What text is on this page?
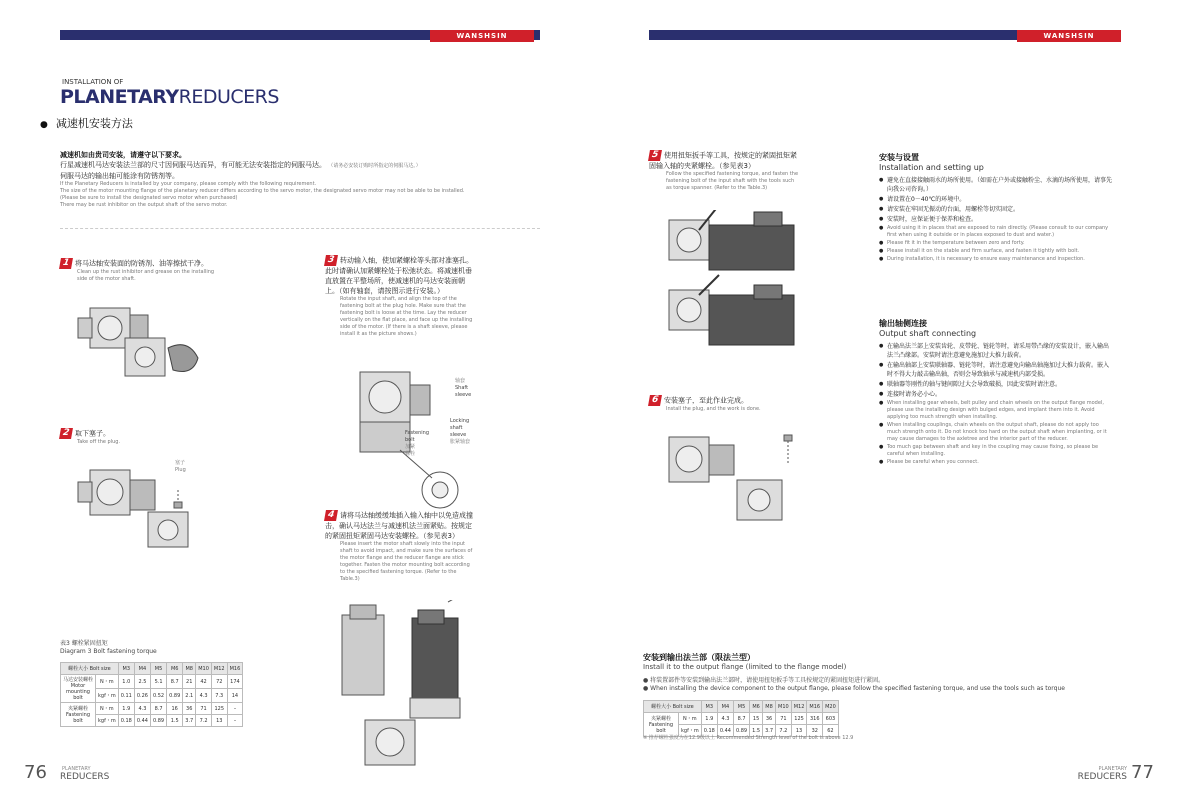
WANSHSIN
INSTALLATION OF
PLANETARYREDUCERS
● 减速机安装方法
减速机如由贵司安装，请遵守以下要求。
行星减速机马达安装法兰部的尺寸因伺服马达而异，有可能无法安装指定的伺服马达。 （请务必安装订购时所指定的伺服马达。）
伺服马达的输出轴可能涂有防锈剂等。
If the Planetary Reducers is installed by your company, please comply with the following requirement.
The size of the motor mounting flange of the planetary reducer differs according to the servo motor, the designated servo motor may not be able to be installed.
(Please be sure to install the designated servo motor when purchased)
There may be rust inhibitor on the output shaft of the servo motor.
1 将马达轴安装面的防锈剂、油等擦拭干净。
Clean up the rust inhibitor and grease on the installing side of the motor shaft.
2 取下塞子。
Take off the plug.
塞子
Plug
3 转动输入轴，使加紧螺栓等头部对准塞孔。此时请确认加紧螺栓处于松弛状态。将减速机垂直放置在平整场所，使减速机的马达安装面朝上。（如有轴套，请按图示进行安装。）
Rotate the input shaft, and align the top of the fastening bolt at the plug hole. Make sure that the fastening bolt is loose at the time. Lay the reducer vertically on the flat place, and face up the installing side of the motor. (If there is a shaft sleeve, please install it as the picture shows.)
轴套
Shaft
sleeve
Locking
shaft
sleeve
胀紧轴套
Fastening
bolt
加紧
螺栓
4 请将马达轴缓缓地插入输入轴中以免造成撞击，确认马达法兰与减速机法兰面紧贴。按规定的紧固扭矩紧固马达安装螺栓。（参见表3）
Please insert the motor shaft slowly into the input shaft to avoid impact, and make sure the surfaces of the motor flange and the reducer flange are stick together. Fasten the motor mounting bolt according to the specified fastening torque. (Refer to the Table.3)
表3 螺栓紧固扭矩
Diagram 3 Bolt fastening torque
螺栓大小 Bolt size		M3	M4	M5	M6	M8	M10	M12	M16
马达安装螺栓 Motor mounting bolt	N・m	1.0	2.5	5.1	8.7	21	42	72	174
	kgf・m	0.11	0.26	0.52	0.89	2.1	4.3	7.3	14
夹紧螺栓 Fastening bolt	N・m	1.9	4.3	8.7	16	36	71	125	–
	kgf・m	0.18	0.44	0.89	1.5	3.7	7.2	13	–
76	PLANETARY
REDUCERS
WANSHSIN
5 使用扭矩扳手等工具，按规定的紧固扭矩紧固输入轴的夹紧螺栓。（参见表3）
Follow the specified fastening torque, and fasten the fastening bolt of the input shaft with the tools such as torque spanner. (Refer to the Table.3)
6 安装塞子，至此作业完成。
Install the plug, and the work is done.
安装与设置
Installation and setting up
● 避免在直接接触雨水的场所使用。（如需在户外或接触粉尘、水滴的场所使用，请事先向我公司咨询。）
● 请设置在0－40℃的环境中。
● 请安装在牢固无振动的台面，用螺栓等切实固定。
● 安装时，应保证便于保养和检查。
● Avoid using it in places that are exposed to rain directly. (Please consult to our company first when using it outside or in places exposed to dust and water.)
● Please fit it in the temperature between zero and forty.
● Please install it on the stable and firm surface, and fasten it tightly with bolt.
● During installation, it is necessary to ensure easy maintenance and inspection.
输出轴侧连接
Output shaft connecting
● 在输出法兰部上安装齿轮、皮带轮、链轮等时，请采用带凸缘的安装设计，嵌入输出法兰凸缘部。安装时请注意避免施加过大推力载荷。
● 在输出轴部上安装联轴器、链轮等时，请注意避免向输出轴施加过大推力载荷。嵌入时不得大力敲击输出轴，否则会导致轴承与减速机内部受损。
● 联轴器等刚性的轴与键间隙过大会导致破损，因此安装时请注意。
● 连接时请务必小心。
● When installing gear wheels, belt pulley and chain wheels on the output flange model, please use the installing design with bulged edges, and implant them into it. Avoid applying too much strength when installing.
● When installing couplings, chain wheels on the output shaft, please do not apply too much strength onto it. Do not knock too hard on the output shaft when implanting, or it may cause damages to the axletree and the interior part of the reducer.
● Too much gap between shaft and key in the coupling may cause fixing, so please be careful when installing.
● Please be careful when you connect.
安装到输出法兰部（限法兰型）
Install it to the output flange (limited to the flange model)
● 将装置部件等安装到输出法兰部时，请使用扭矩扳手等工具按规定的紧固扭矩进行紧固。
● When installing the device component to the output flange, please follow the specified fastening torque, and use the tools such as torque
螺栓大小 Bolt size		M3	M4	M5	M6	M8	M10	M12	M16	M20
夹紧螺栓 Fastening bolt	N・m	1.9	4.3	8.7	15	36	71	125	316	603
	kgf・m	0.18	0.44	0.89	1.5	3.7	7.2	13	32	62
※ 推荐螺栓强度为在12.9级以上 Recommended Strength level of the bolt is above 12.9
PLANETARY
REDUCERS 77
